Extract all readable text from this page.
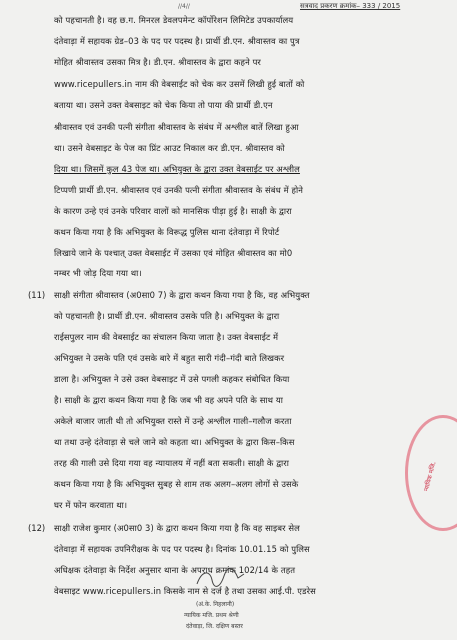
//4//	सत्रवाद प्रकरण क्रमांक– 333 / 2015
को पहचानती है। वह छ.ग. मिनरल डेवलपमेन्ट कॉर्पोरेशन लिमिटेड उपकार्यालय
दंतेवाड़ा में सहायक ग्रेड–03 के पद पर पदस्थ है। प्रार्थी डी.एन. श्रीवास्तव का पुत्र
मोहित श्रीवास्तव उसका मित्र है। डी.एन. श्रीवास्तव के द्वारा कहने पर
www.ricepullers.in नाम की वेबसाईट को चेक कर उसमें लिखी हुई बातों को
बताया था। उसने उक्त वेबसाइट को चेक किया तो पाया की प्रार्थी डी.एन
श्रीवास्तव एवं उनकी पत्नी संगीता श्रीवास्तव के संबंध में अश्लील बातें लिखा हुआ
था। उसने वेबसाइट के पेज का प्रिंट आउट निकाल कर डी.एन. श्रीवास्तव को
दिया था। जिसमें कुल 43 पेज था। अभियुक्त के द्वारा उक्त वेबसाईट पर अश्लील
टिप्पणी प्रार्थी डी.एन. श्रीवास्तव एवं उनकी पत्नी संगीता श्रीवास्तव के संबंध में होने
के कारण उन्हे एवं उनके परिवार वालों को मानसिक पीड़ा हुई है। साक्षी के द्वारा
कथन किया गया है कि अभियुक्त के विरूद्ध पुलिस थाना दंतेवाड़ा में रिपोर्ट
लिखाये जाने के पश्चात् उक्त वेबसाईट में उसका एवं मोहित श्रीवास्तव का मो0
नम्बर भी जोड़ दिया गया था।
(11) साक्षी संगीता श्रीवास्तव (अ0सा0 7) के द्वारा कथन किया गया है कि, वह अभियुक्त
को पहचानती है। प्रार्थी डी.एन. श्रीवास्तव उसके पति है। अभियुक्त के द्वारा
राईसपुलर नाम की वेबसाईट का संचालन किया जाता है। उक्त वेबसाईट में
अभियुक्त ने उसके पति एवं उसके बारे में बहुत सारी गंदी–गंदी बाते लिखकर
डाला है। अभियुक्त ने उसे उक्त वेबसाइट में उसे पगली कहकर संबोधित किया
है। साक्षी के द्वारा कथन किया गया है कि जब भी वह अपने पति के साथ या
अकेले बाजार जाती थी तो अभियुक्त रास्ते में उन्हे अश्लील गाली–गलौज करता
था तथा उन्हे दंतेवाड़ा से चले जाने को कहता था। अभियुक्त के द्वारा किस–किस
तरह की गाली उसे दिया गया वह न्यायालय में नहीं बता सकती। साक्षी के द्वारा
कथन किया गया है कि अभियुक्त सुबह से शाम तक अलग–अलग लोगों से उसके
घर में फोन करवाता था।
(12) साक्षी राजेश कुमार (अ0सा0 3) के द्वारा कथन किया गया है कि वह साइबर सेल
दंतेवाड़ा में सहायक उपनिरीक्षक के पद पर पदस्थ है। दिनांक 10.01.15 को पुलिस
अधिक्षक दंतेवाड़ा के निर्देश अनुसार थाना के अपराध क्रमांक 102/14 के तहत
वेबसाइट www.ricepullers.in किसके नाम से दर्ज है तथा उसका आई.पी. एडरेस
न्यायिक मजि.
(अं.के. निहलानी)
न्यायिक मजि. प्रथम श्रेणी
दंतेवाड़ा, जि. दक्षिण बस्तर
